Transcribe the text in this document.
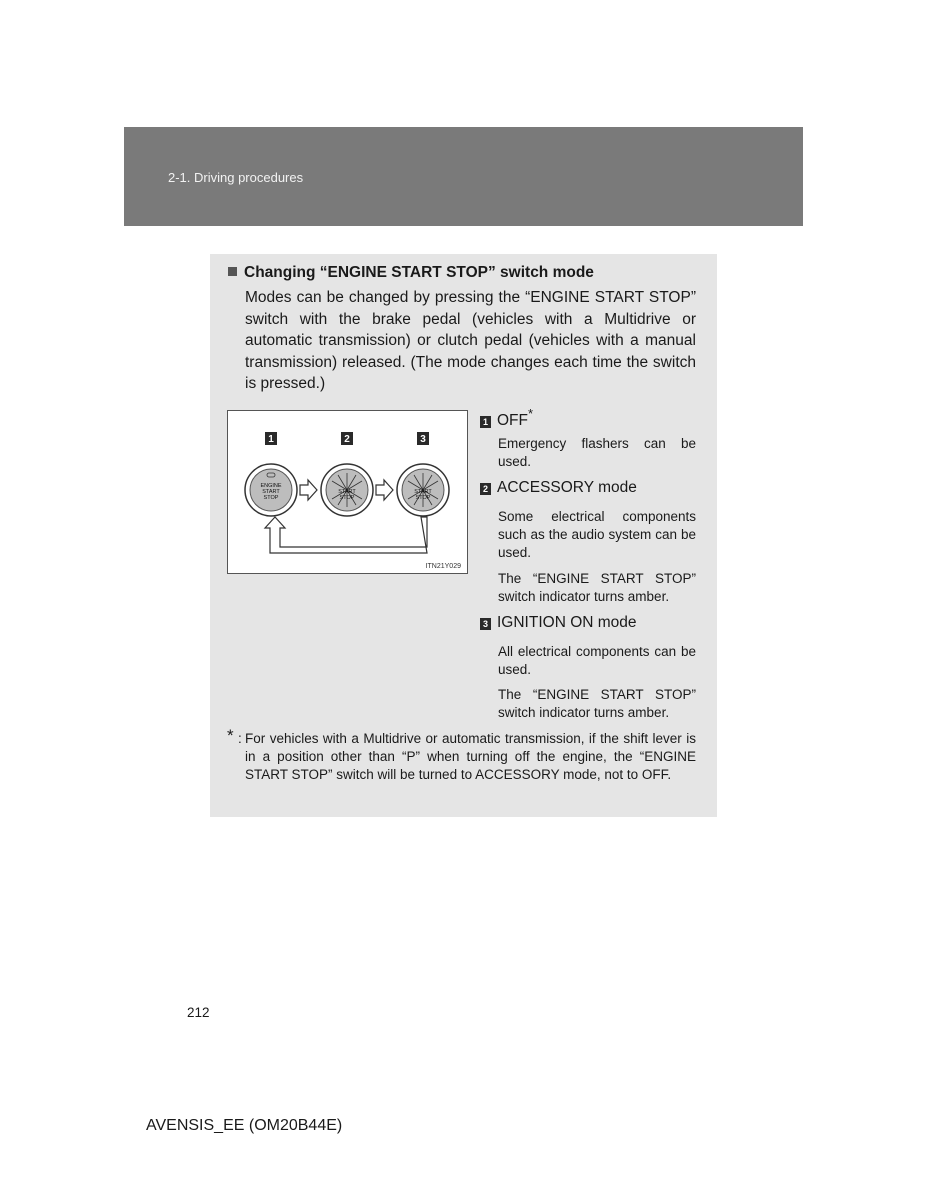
2-1. Driving procedures
Changing “ENGINE START STOP” switch mode
Modes can be changed by pressing the “ENGINE START STOP” switch with the brake pedal (vehicles with a Multidrive or automatic transmission) or clutch pedal (vehicles with a manual transmission) released. (The mode changes each time the switch is pressed.)
1	2	3
ENGINE
START
STOP
START
STOP
START
STOP
ITN21Y029
1 OFF*
Emergency flashers can be used.
2 ACCESSORY mode
Some electrical components such as the audio system can be used.
The “ENGINE START STOP” switch indicator turns amber.
3 IGNITION ON mode
All electrical components can be used.
The “ENGINE START STOP” switch indicator turns amber.
* : For vehicles with a Multidrive or automatic transmission, if the shift lever is in a position other than “P” when turning off the engine, the “ENGINE START STOP” switch will be turned to ACCESSORY mode, not to OFF.
212
AVENSIS_EE (OM20B44E)
